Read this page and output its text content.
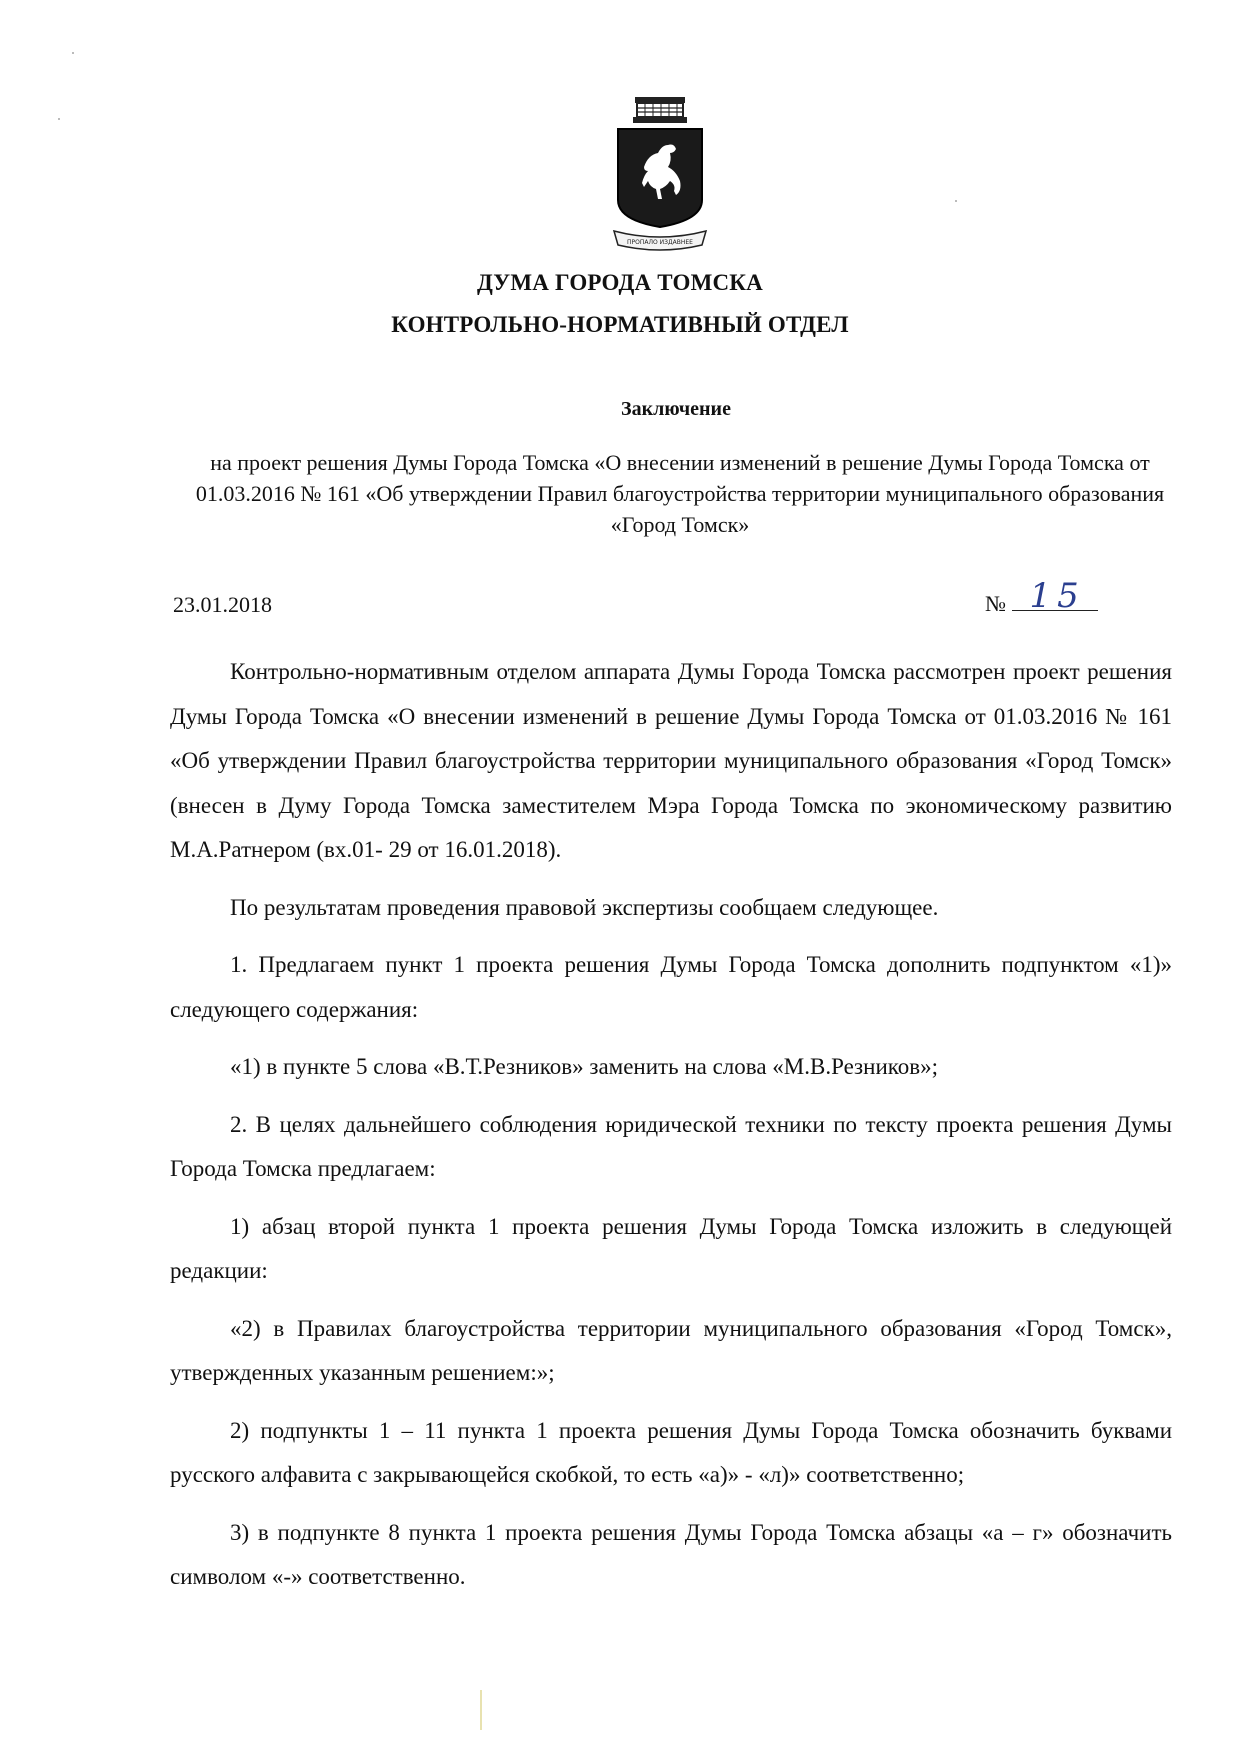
ПРОПАЛО ИЗДАВНЕЕ
ДУМА ГОРОДА ТОМСКА
КОНТРОЛЬНО-НОРМАТИВНЫЙ ОТДЕЛ
Заключение
на проект решения Думы Города Томска «О внесении изменений в решение Думы Города Томска от 01.03.2016 № 161 «Об утверждении Правил благоустройства территории муниципального образования «Город Томск»
23.01.2018	№ 15

Контрольно-нормативным отделом аппарата Думы Города Томска рассмотрен проект решения Думы Города Томска «О внесении изменений в решение Думы Города Томска от 01.03.2016 № 161 «Об утверждении Правил благоустройства территории муниципального образования «Город Томск» (внесен в Думу Города Томска заместителем Мэра Города Томска по экономическому развитию М.А.Ратнером (вх.01- 29 от 16.01.2018).

По результатам проведения правовой экспертизы сообщаем следующее.

1. Предлагаем пункт 1 проекта решения Думы Города Томска дополнить подпунктом «1)» следующего содержания:

«1) в пункте 5 слова «В.Т.Резников» заменить на слова «М.В.Резников»;

2. В целях дальнейшего соблюдения юридической техники по тексту проекта решения Думы Города Томска предлагаем:

1) абзац второй пункта 1 проекта решения Думы Города Томска изложить в следующей редакции:

«2) в Правилах благоустройства территории муниципального образования «Город Томск», утвержденных указанным решением:»;

2) подпункты 1 – 11 пункта 1 проекта решения Думы Города Томска обозначить буквами русского алфавита с закрывающейся скобкой, то есть «а)» - «л)» соответственно;

3) в подпункте 8 пункта 1 проекта решения Думы Города Томска абзацы «а – г» обозначить символом «-» соответственно.
